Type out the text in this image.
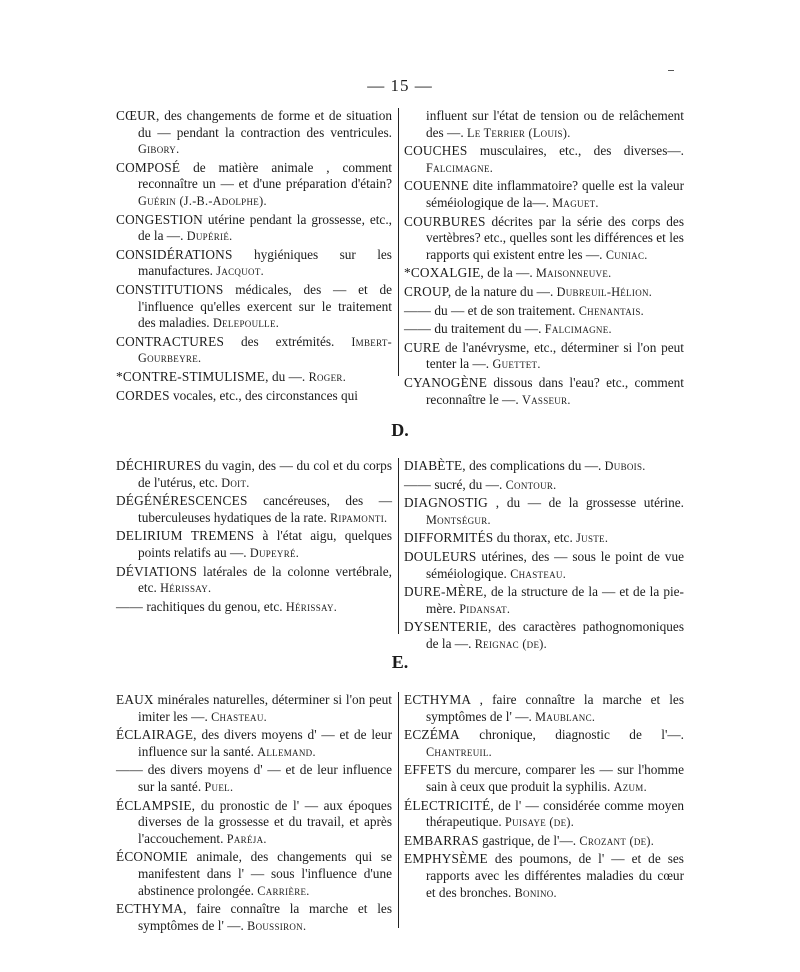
— 15 —

CŒUR, des changements de forme et de situation du — pendant la contraction des ventricules. Gibory.

COMPOSÉ de matière animale , comment reconnaître un — et d'une préparation d'étain? Guérin (J.-B.-Adolphe).

CONGESTION utérine pendant la grossesse, etc., de la —. Dupérié.

CONSIDÉRATIONS hygiéniques sur les manufactures. Jacquot.

CONSTITUTIONS médicales, des — et de l'influence qu'elles exercent sur le traitement des maladies. Delepoulle.

CONTRACTURES des extrémités. Imbert-Gourbeyre.

*CONTRE-STIMULISME, du —. Roger.

CORDES vocales, etc., des circonstances qui

influent sur l'état de tension ou de relâchement des —. Le Terrier (Louis).

COUCHES musculaires, etc., des diverses—. Falcimagne.

COUENNE dite inflammatoire? quelle est la valeur séméiologique de la—. Maguet.

COURBURES décrites par la série des corps des vertèbres? etc., quelles sont les différences et les rapports qui existent entre les —. Cuniac.

*COXALGIE, de la —. Maisonneuve.

CROUP, de la nature du —. Dubreuil-Hélion.

—— du — et de son traitement. Chenantais.

—— du traitement du —. Falcimagne.

CURE de l'anévrysme, etc., déterminer si l'on peut tenter la —. Guettet.

CYANOGÈNE dissous dans l'eau? etc., comment reconnaître le —. Vasseur.

D.

DÉCHIRURES du vagin, des — du col et du corps de l'utérus, etc. Doit.

DÉGÉNÉRESCENCES cancéreuses, des — tuberculeuses hydatiques de la rate. Ripamonti.

DELIRIUM TREMENS à l'état aigu, quelques points relatifs au —. Dupeyré.

DÉVIATIONS latérales de la colonne vertébrale, etc. Hérissay.

—— rachitiques du genou, etc. Hérissay.

DIABÈTE, des complications du —. Dubois.

—— sucré, du —. Contour.

DIAGNOSTIG , du — de la grossesse utérine. Montségur.

DIFFORMITÉS du thorax, etc. Juste.

DOULEURS utérines, des — sous le point de vue séméiologique. Chasteau.

DURE-MÈRE, de la structure de la — et de la pie-mère. Pidansat.

DYSENTERIE, des caractères pathognomoniques de la —. Reignac (de).

E.

EAUX minérales naturelles, déterminer si l'on peut imiter les —. Chasteau.

ÉCLAIRAGE, des divers moyens d' — et de leur influence sur la santé. Allemand.

—— des divers moyens d' — et de leur influence sur la santé. Puel.

ÉCLAMPSIE, du pronostic de l' — aux époques diverses de la grossesse et du travail, et après l'accouchement. Paréja.

ÉCONOMIE animale, des changements qui se manifestent dans l' — sous l'influence d'une abstinence prolongée. Carrière.

ECTHYMA, faire connaître la marche et les symptômes de l' —. Boussiron.

ECTHYMA , faire connaître la marche et les symptômes de l' —. Maublanc.

ECZÉMA chronique, diagnostic de l'—. Chantreuil.

EFFETS du mercure, comparer les — sur l'homme sain à ceux que produit la syphilis. Azum.

ÉLECTRICITÉ, de l' — considérée comme moyen thérapeutique. Puisaye (de).

EMBARRAS gastrique, de l'—. Crozant (de).

EMPHYSÈME des poumons, de l' — et de ses rapports avec les différentes maladies du cœur et des bronches. Bonino.
